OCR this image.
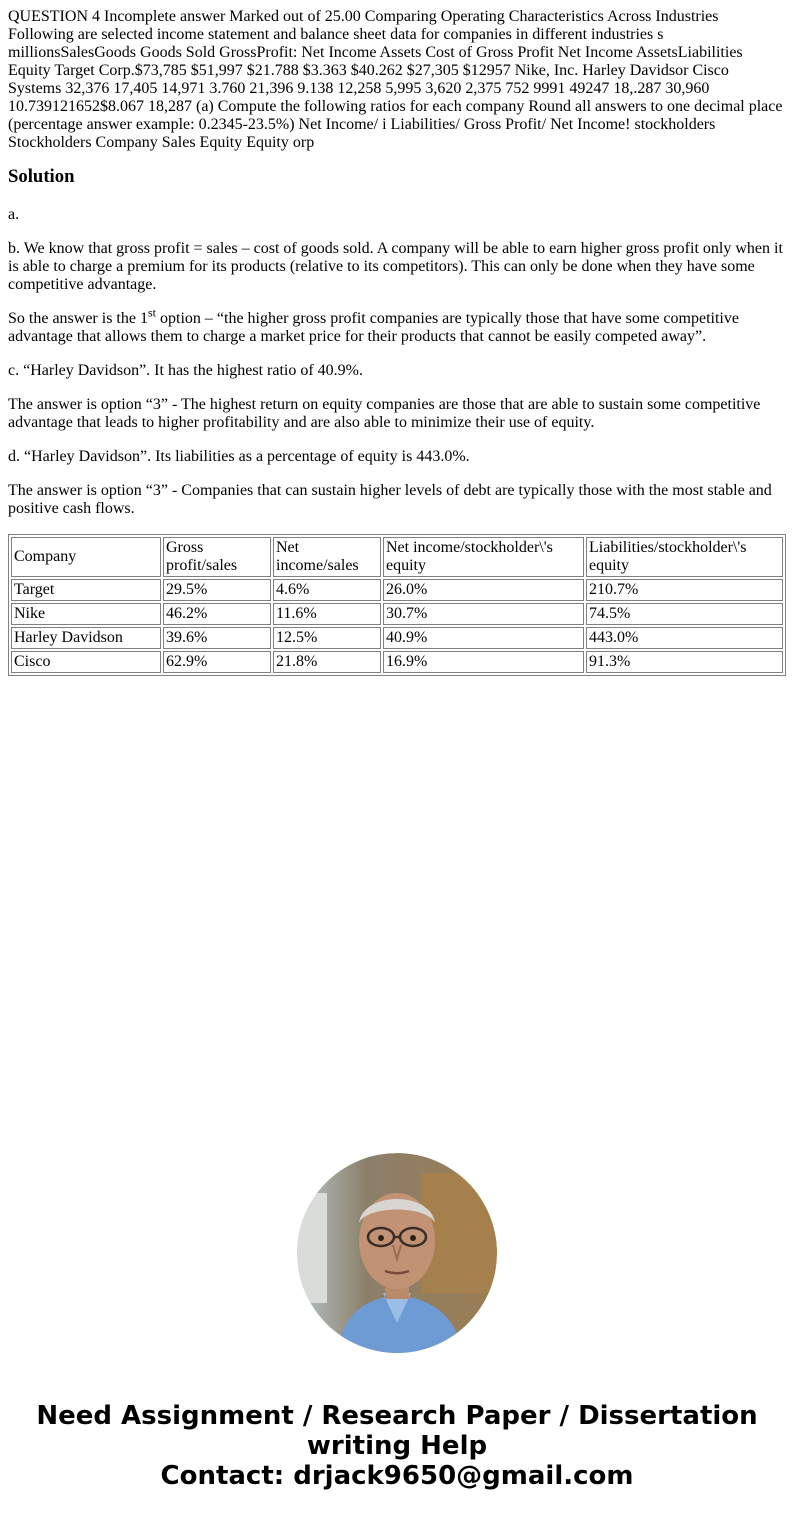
QUESTION 4 Incomplete answer Marked out of 25.00 Comparing Operating Characteristics Across Industries Following are selected income statement and balance sheet data for companies in different industries s millionsSalesGoods Goods Sold GrossProfit: Net Income Assets Cost of Gross Profit Net Income AssetsLiabilities Equity Target Corp.$73,785 $51,997 $21.788 $3.363 $40.262 $27,305 $12957 Nike, Inc. Harley Davidsor Cisco Systems 32,376 17,405 14,971 3.760 21,396 9.138 12,258 5,995 3,620 2,375 752 9991 49247 18,.287 30,960 10.739121652$8.067 18,287 (a) Compute the following ratios for each company Round all answers to one decimal place (percentage answer example: 0.2345-23.5%) Net Income/ i Liabilities/ Gross Profit/ Net Income! stockholders Stockholders Company Sales Equity Equity orp

Solution

a.

b. We know that gross profit = sales – cost of goods sold. A company will be able to earn higher gross profit only when it is able to charge a premium for its products (relative to its competitors). This can only be done when they have some competitive advantage.

So the answer is the 1st option – “the higher gross profit companies are typically those that have some competitive advantage that allows them to charge a market price for their products that cannot be easily competed away”.

c. “Harley Davidson”. It has the highest ratio of 40.9%.

The answer is option “3” - The highest return on equity companies are those that are able to sustain some competitive advantage that leads to higher profitability and are also able to minimize their use of equity.

d. “Harley Davidson”. Its liabilities as a percentage of equity is 443.0%.

The answer is option “3” - Companies that can sustain higher levels of debt are typically those with the most stable and positive cash flows.

Company	Gross profit/sales	Net income/sales	Net income/stockholder\'s equity	Liabilities/stockholder\'s equity
Target	29.5%	4.6%	26.0%	210.7%
Nike	46.2%	11.6%	30.7%	74.5%
Harley Davidson	39.6%	12.5%	40.9%	443.0%
Cisco	62.9%	21.8%	16.9%	91.3%
Need Assignment / Research Paper / Dissertation
writing Help
Contact: drjack9650@gmail.com
